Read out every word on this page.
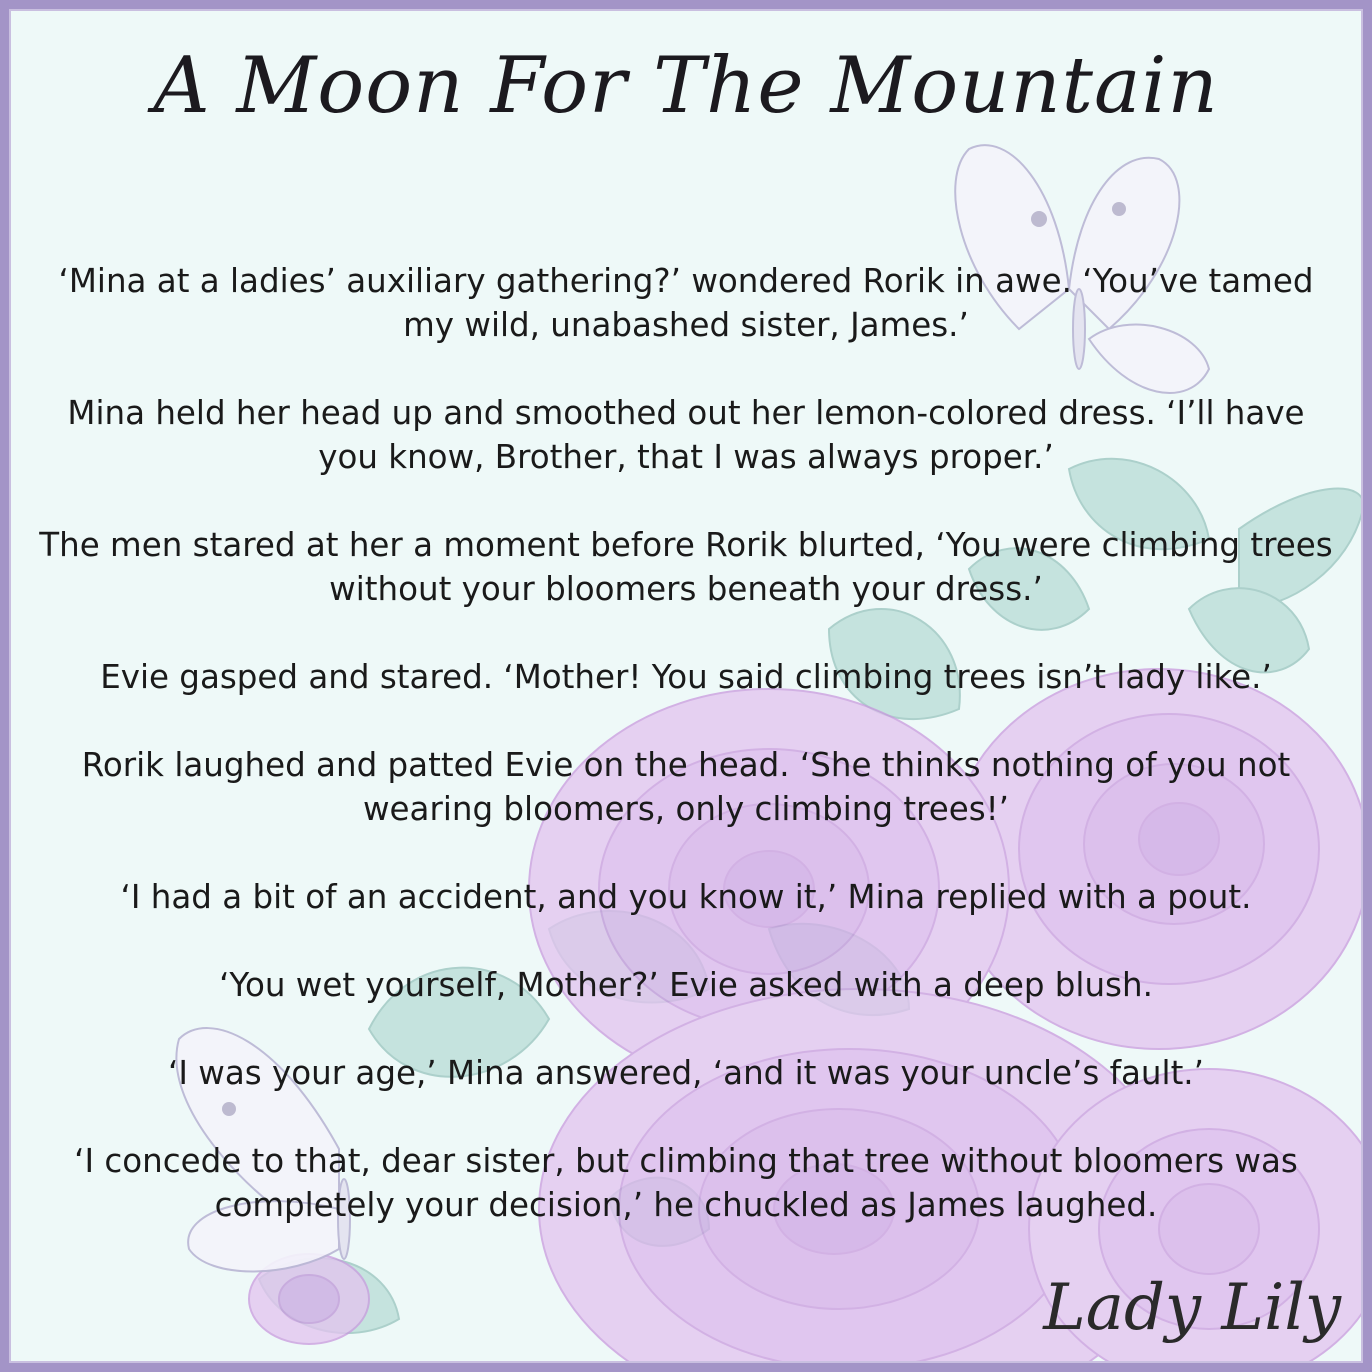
A Moon For The Mountain

‘Mina at a ladies’ auxiliary gathering?’ wondered Rorik in awe. ‘You’ve tamed my wild, unabashed sister, James.’

Mina held her head up and smoothed out her lemon-colored dress. ‘I’ll have you know, Brother, that I was always proper.’

The men stared at her a moment before Rorik blurted, ‘You were climbing trees without your bloomers beneath your dress.’

Evie gasped and stared. ‘Mother! You said climbing trees isn’t lady like.’

Rorik laughed and patted Evie on the head. ‘She thinks nothing of you not wearing bloomers, only climbing trees!’

‘I had a bit of an accident, and you know it,’ Mina replied with a pout.

‘You wet yourself, Mother?’ Evie asked with a deep blush.

‘I was your age,’ Mina answered, ‘and it was your uncle’s fault.’

‘I concede to that, dear sister, but climbing that tree without bloomers was completely your decision,’ he chuckled as James laughed.

Lady Lily
